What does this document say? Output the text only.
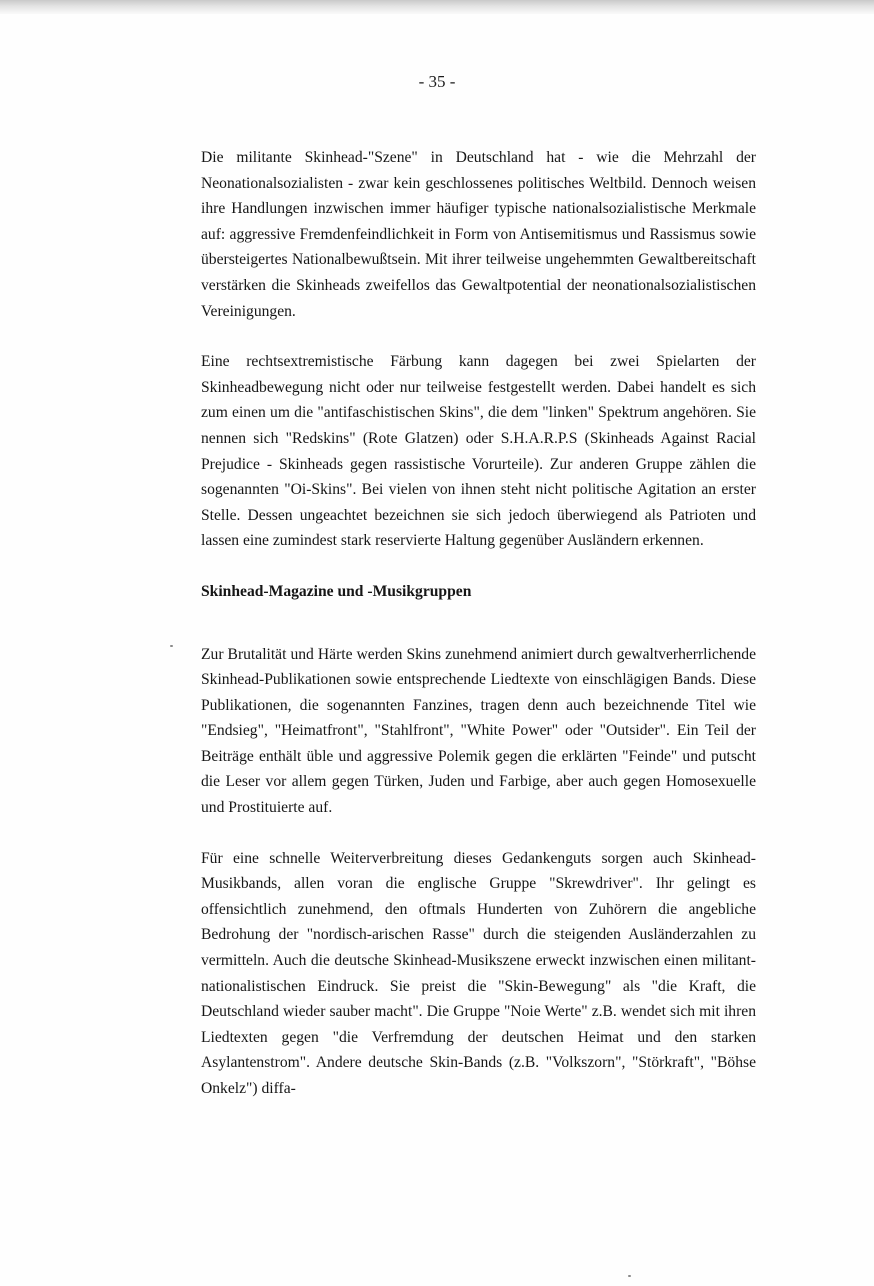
- 35 -

Die militante Skinhead-"Szene" in Deutschland hat - wie die Mehrzahl der Neonationalsozialisten - zwar kein geschlossenes politisches Weltbild. Dennoch weisen ihre Handlungen inzwischen immer häufiger typische nationalsozialistische Merkmale auf: aggressive Fremdenfeindlichkeit in Form von Antisemitismus und Rassismus sowie übersteigertes Nationalbewußtsein. Mit ihrer teilweise ungehemmten Gewaltbereitschaft verstärken die Skinheads zweifellos das Gewaltpotential der neonationalsozialistischen Vereinigungen.

Eine rechtsextremistische Färbung kann dagegen bei zwei Spielarten der Skinheadbewegung nicht oder nur teilweise festgestellt werden. Dabei handelt es sich zum einen um die "antifaschistischen Skins", die dem "linken" Spektrum angehören. Sie nennen sich "Redskins" (Rote Glatzen) oder S.H.A.R.P.S (Skinheads Against Racial Prejudice - Skinheads gegen rassistische Vorurteile). Zur anderen Gruppe zählen die sogenannten "Oi-Skins". Bei vielen von ihnen steht nicht politische Agitation an erster Stelle. Dessen ungeachtet bezeichnen sie sich jedoch überwiegend als Patrioten und lassen eine zumindest stark reservierte Haltung gegenüber Ausländern erkennen.

Skinhead-Magazine und -Musikgruppen

Zur Brutalität und Härte werden Skins zunehmend animiert durch gewaltverherrlichende Skinhead-Publikationen sowie entsprechende Liedtexte von einschlägigen Bands. Diese Publikationen, die sogenannten Fanzines, tragen denn auch bezeichnende Titel wie "Endsieg", "Heimatfront", "Stahlfront", "White Power" oder "Outsider". Ein Teil der Beiträge enthält üble und aggressive Polemik gegen die erklärten "Feinde" und putscht die Leser vor allem gegen Türken, Juden und Farbige, aber auch gegen Homosexuelle und Prostituierte auf.

Für eine schnelle Weiterverbreitung dieses Gedankenguts sorgen auch Skinhead-Musikbands, allen voran die englische Gruppe "Skrewdriver". Ihr gelingt es offensichtlich zunehmend, den oftmals Hunderten von Zuhörern die angebliche Bedrohung der "nordisch-arischen Rasse" durch die steigenden Ausländerzahlen zu vermitteln. Auch die deutsche Skinhead-Musikszene erweckt inzwischen einen militant-nationalistischen Eindruck. Sie preist die "Skin-Bewegung" als "die Kraft, die Deutschland wieder sauber macht". Die Gruppe "Noie Werte" z.B. wendet sich mit ihren Liedtexten gegen "die Verfremdung der deutschen Heimat und den starken Asylantenstrom". Andere deutsche Skin-Bands (z.B. "Volkszorn", "Störkraft", "Böhse Onkelz") diffa-
